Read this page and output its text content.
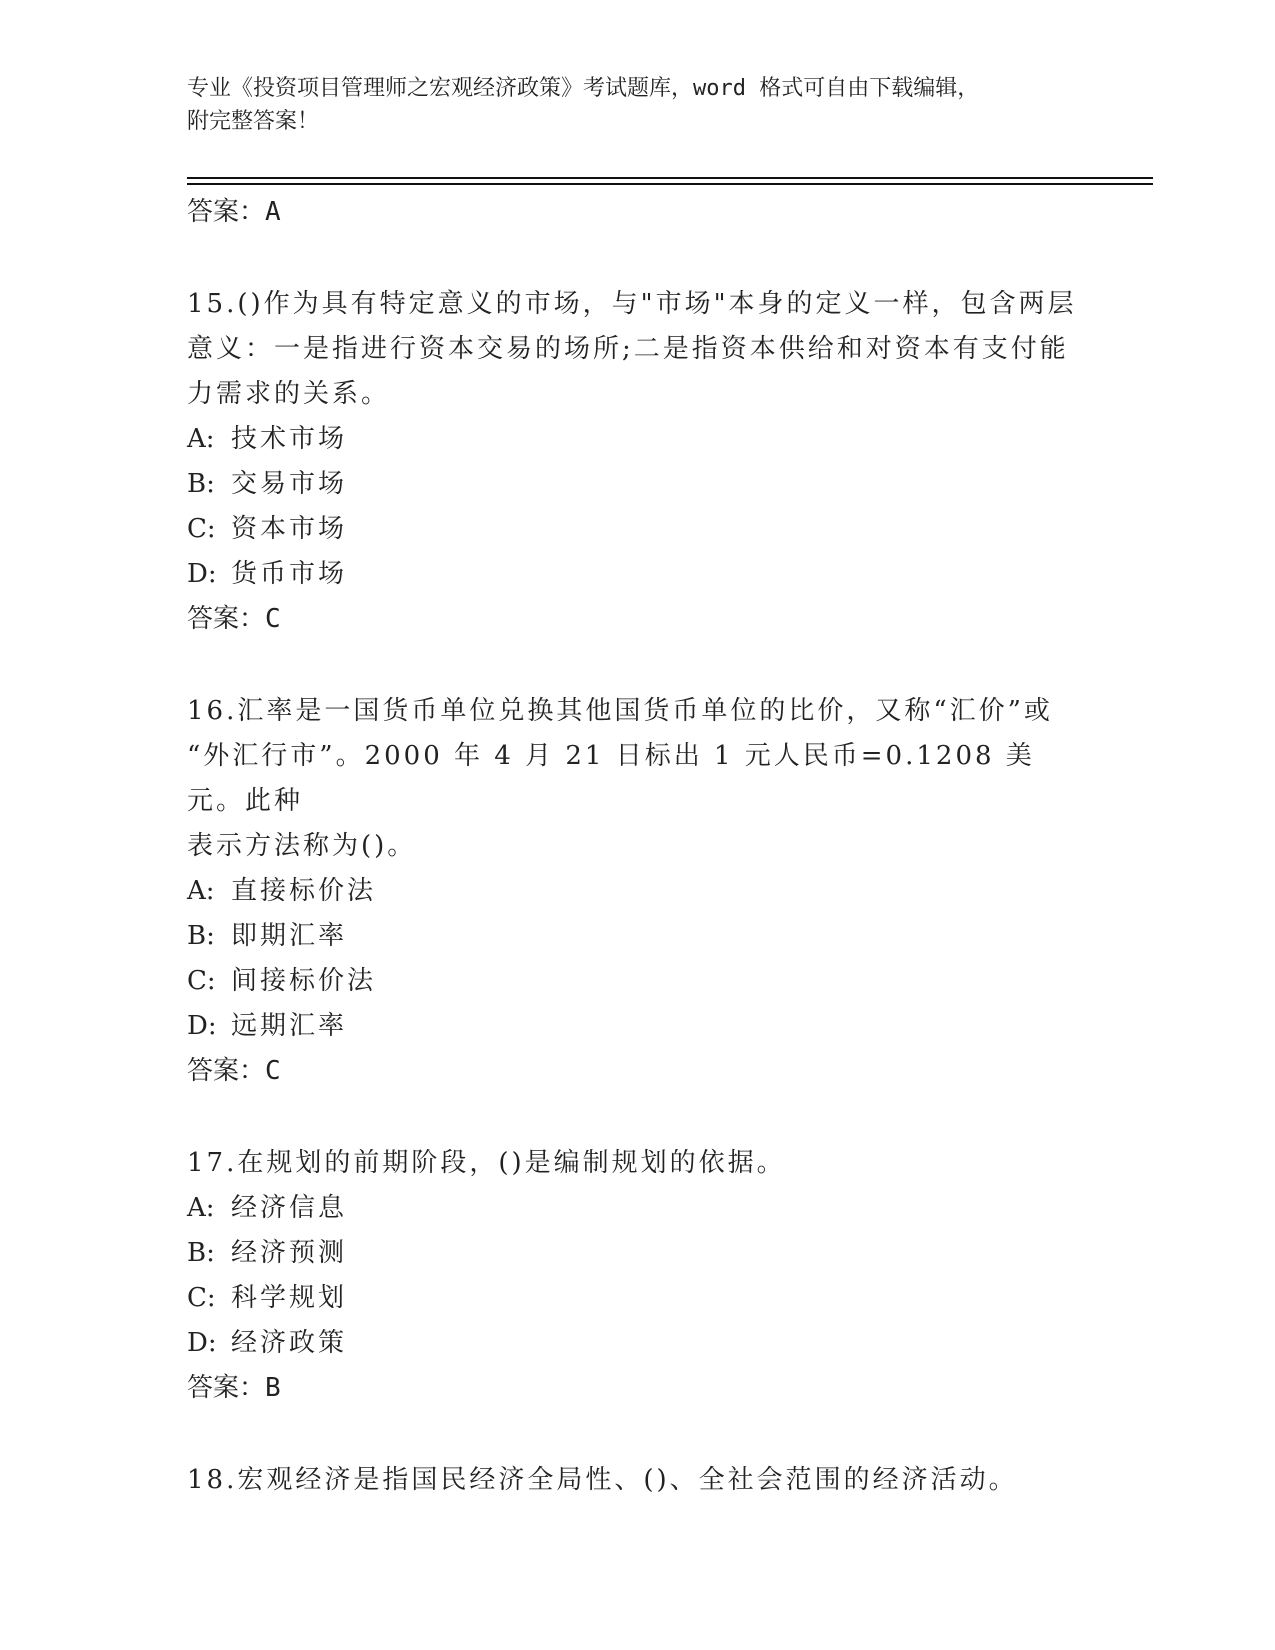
专业《投资项目管理师之宏观经济政策》考试题库，word 格式可自由下载编辑，
附完整答案！
答案：A

15.()作为具有特定意义的市场，与"市场"本身的定义一样，包含两层

意义：一是指进行资本交易的场所;二是指资本供给和对资本有支付能

力需求的关系。

A: 技术市场

B: 交易市场

C: 资本市场

D: 货币市场

答案：C

16.汇率是一国货币单位兑换其他国货币单位的比价，又称“汇价”或

“外汇行市”。2000 年 4 月 21 日标出 1 元人民币=0.1208 美元。此种

表示方法称为()。

A: 直接标价法

B: 即期汇率

C: 间接标价法

D: 远期汇率

答案：C

17.在规划的前期阶段，()是编制规划的依据。

A: 经济信息

B: 经济预测

C: 科学规划

D: 经济政策

答案：B

18.宏观经济是指国民经济全局性、()、全社会范围的经济活动。
